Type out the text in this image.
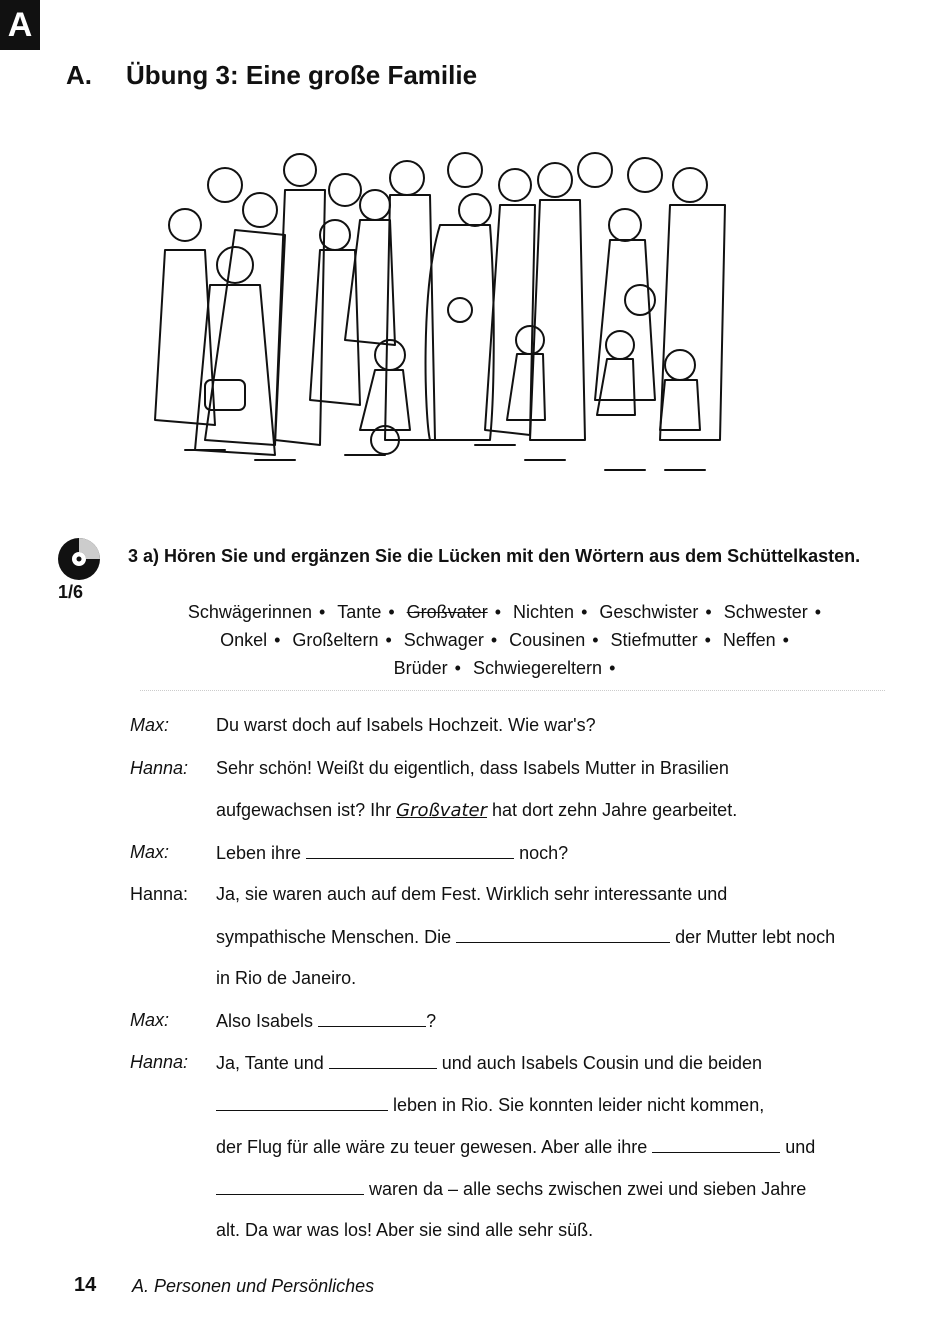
A
A. Übung 3: Eine große Familie
1/6
3 a) Hören Sie und ergänzen Sie die Lücken mit den Wörtern aus dem Schüttelkasten.
Schwägerinnen • Tante • Großvater • Nichten • Geschwister • Schwester •
Onkel • Großeltern • Schwager • Cousinen • Stiefmutter • Neffen •
Brüder • Schwiegereltern •
Max:	Du warst doch auf Isabels Hochzeit. Wie war's?
Hanna: Sehr schön! Weißt du eigentlich, dass Isabels Mutter in Brasilien
aufgewachsen ist? Ihr Großvater hat dort zehn Jahre gearbeitet.
Max:	Leben ihre	noch?
Hanna: Ja, sie waren auch auf dem Fest. Wirklich sehr interessante und
sympathische Menschen. Die	der Mutter lebt noch
in Rio de Janeiro.
Max:	Also Isabels	?
Hanna: Ja, Tante und	und auch Isabels Cousin und die beiden
leben in Rio. Sie konnten leider nicht kommen,
der Flug für alle wäre zu teuer gewesen. Aber alle ihre	und
waren da – alle sechs zwischen zwei und sieben Jahre
alt. Da war was los! Aber sie sind alle sehr süß.
14 A. Personen und Persönliches
